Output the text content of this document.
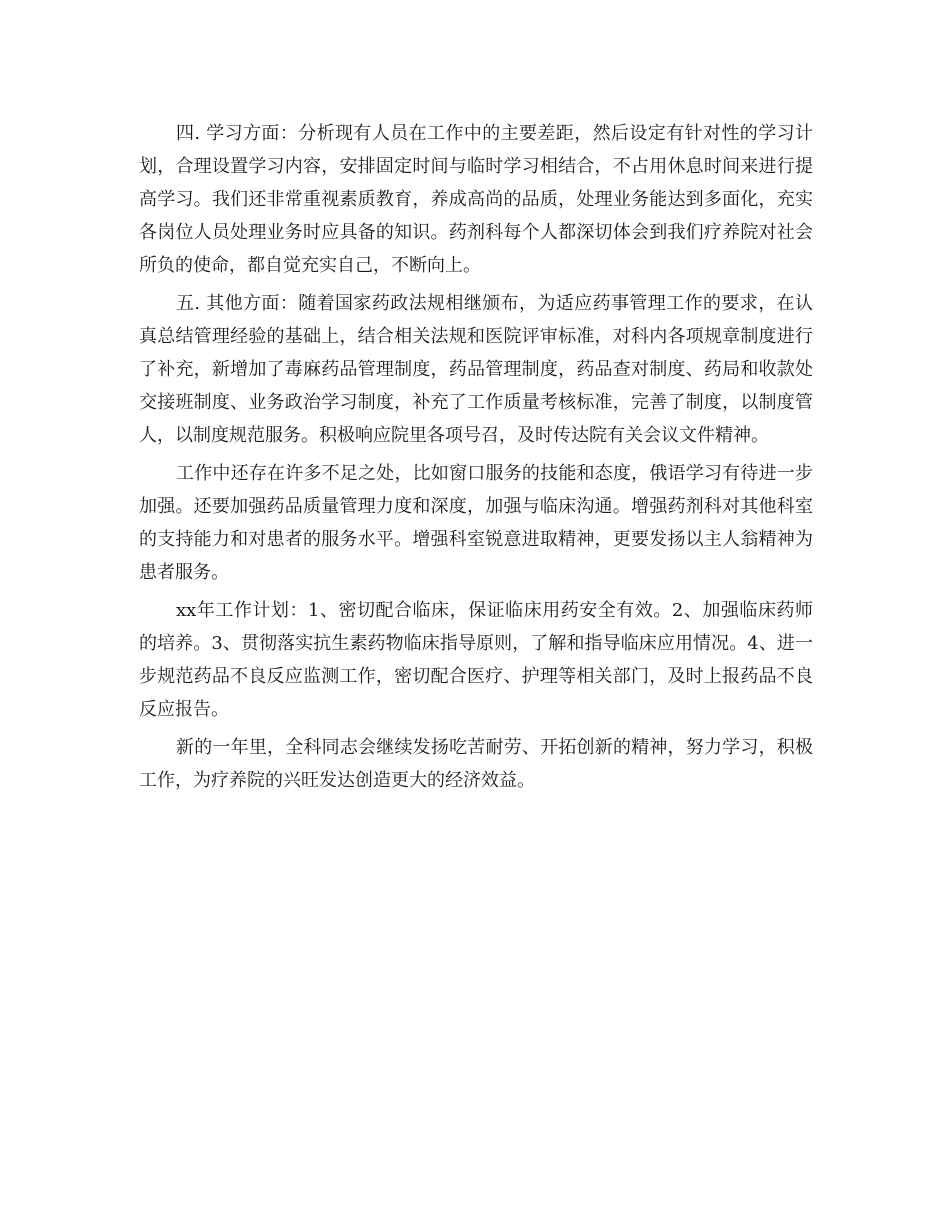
四. 学习方面：分析现有人员在工作中的主要差距，然后设定有针对性的学习计划，合理设置学习内容，安排固定时间与临时学习相结合，不占用休息时间来进行提高学习。我们还非常重视素质教育，养成高尚的品质，处理业务能达到多面化，充实各岗位人员处理业务时应具备的知识。药剂科每个人都深切体会到我们疗养院对社会所负的使命，都自觉充实自己，不断向上。

五. 其他方面：随着国家药政法规相继颁布，为适应药事管理工作的要求，在认真总结管理经验的基础上，结合相关法规和医院评审标准，对科内各项规章制度进行了补充，新增加了毒麻药品管理制度，药品管理制度，药品查对制度、药局和收款处交接班制度、业务政治学习制度，补充了工作质量考核标准，完善了制度，以制度管人，以制度规范服务。积极响应院里各项号召，及时传达院有关会议文件精神。

工作中还存在许多不足之处，比如窗口服务的技能和态度，俄语学习有待进一步加强。还要加强药品质量管理力度和深度，加强与临床沟通。增强药剂科对其他科室的支持能力和对患者的服务水平。增强科室锐意进取精神，更要发扬以主人翁精神为患者服务。

xx年工作计划：1、密切配合临床，保证临床用药安全有效。2、加强临床药师的培养。3、贯彻落实抗生素药物临床指导原则，了解和指导临床应用情况。4、进一步规范药品不良反应监测工作，密切配合医疗、护理等相关部门，及时上报药品不良反应报告。

新的一年里，全科同志会继续发扬吃苦耐劳、开拓创新的精神，努力学习，积极工作，为疗养院的兴旺发达创造更大的经济效益。
